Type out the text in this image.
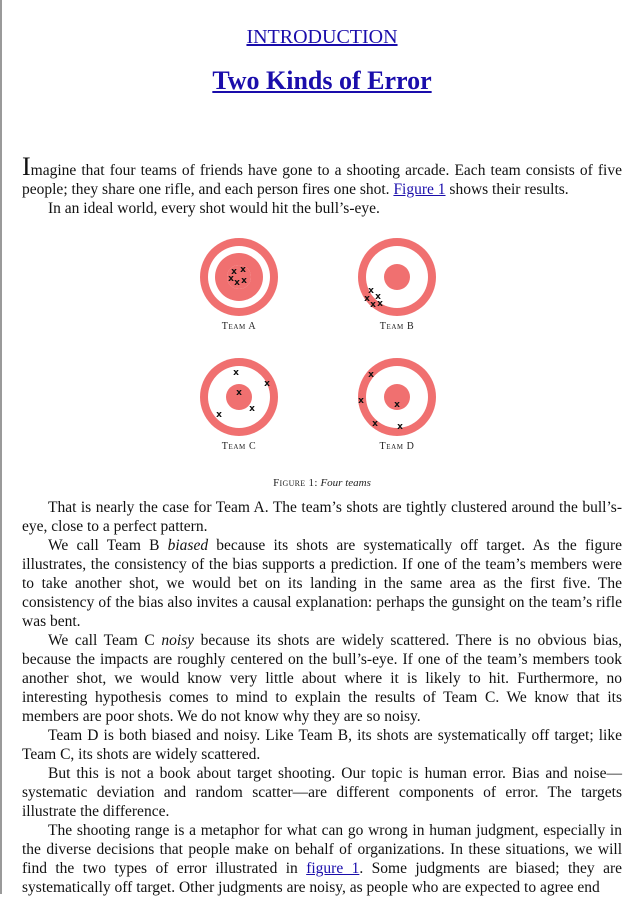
INTRODUCTION
Two Kinds of Error

Imagine that four teams of friends have gone to a shooting arcade. Each team consists of five people; they share one rifle, and each person fires one shot. Figure 1 shows their results.

In an ideal world, every shot would hit the bull’s-eye.

x x
x x x
x
x
x
x x
x
x
x
x
x
x
x	x
x x
Team A	Team B
Team C	Team D
Figure 1: Four teams

That is nearly the case for Team A. The team’s shots are tightly clustered around the bull’s-eye, close to a perfect pattern.

We call Team B biased because its shots are systematically off target. As the figure illustrates, the consistency of the bias supports a prediction. If one of the team’s members were to take another shot, we would bet on its landing in the same area as the first five. The consistency of the bias also invites a causal explanation: perhaps the gunsight on the team’s rifle was bent.

We call Team C noisy because its shots are widely scattered. There is no obvious bias, because the impacts are roughly centered on the bull’s-eye. If one of the team’s members took another shot, we would know very little about where it is likely to hit. Furthermore, no interesting hypothesis comes to mind to explain the results of Team C. We know that its members are poor shots. We do not know why they are so noisy.

Team D is both biased and noisy. Like Team B, its shots are systematically off target; like Team C, its shots are widely scattered.

But this is not a book about target shooting. Our topic is human error. Bias and noise—systematic deviation and random scatter—are different components of error. The targets illustrate the difference.

The shooting range is a metaphor for what can go wrong in human judgment, especially in the diverse decisions that people make on behalf of organizations. In these situations, we will find the two types of error illustrated in figure 1. Some judgments are biased; they are systematically off target. Other judgments are noisy, as people who are expected to agree end
